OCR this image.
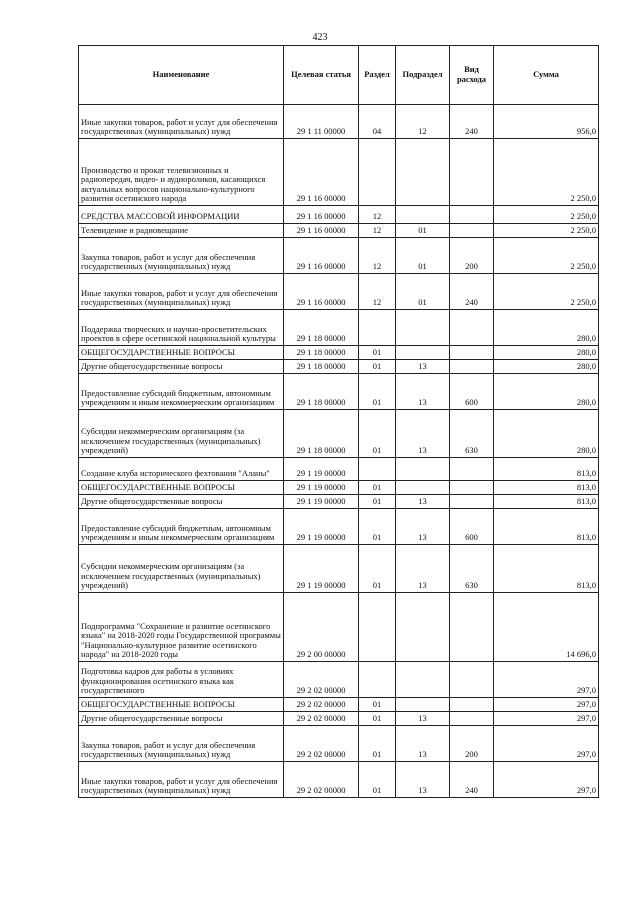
423
Наименование	Целевая статья	Раздел	Подраздел	Вид расхода	Сумма
Иные закупки товаров, работ и услуг для обеспечения государственных (муниципальных) нужд	29 1 11 00000	04	12	240	956,0
Производство и прокат телевизионных и радиопередач, видео- и аудиороликов, касающихся актуальных вопросов национально-культурного развития осетинского народа	29 1 16 00000				2 250,0
СРЕДСТВА МАССОВОЙ ИНФОРМАЦИИ	29 1 16 00000	12			2 250,0
Телевидение и радиовещание	29 1 16 00000	12	01		2 250,0
Закупка товаров, работ и услуг для обеспечения государственных (муниципальных) нужд	29 1 16 00000	12	01	200	2 250,0
Иные закупки товаров, работ и услуг для обеспечения государственных (муниципальных) нужд	29 1 16 00000	12	01	240	2 250,0
Поддержка творческих и научно-просветительских проектов в сфере осетинской национальной культуры	29 1 18 00000				280,0
ОБЩЕГОСУДАРСТВЕННЫЕ ВОПРОСЫ	29 1 18 00000	01			280,0
Другие общегосударственные вопросы	29 1 18 00000	01	13		280,0
Предоставление субсидий бюджетным, автономным учреждениям и иным некоммерческим организациям	29 1 18 00000	01	13	600	280,0
Субсидии некоммерческим организациям (за исключением государственных (муниципальных) учреждений)	29 1 18 00000	01	13	630	280,0
Создание клуба исторического фехтования "Аланы"	29 1 19 00000				813,0
ОБЩЕГОСУДАРСТВЕННЫЕ ВОПРОСЫ	29 1 19 00000	01			813,0
Другие общегосударственные вопросы	29 1 19 00000	01	13		813,0
Предоставление субсидий бюджетным, автономным учреждениям и иным некоммерческим организациям	29 1 19 00000	01	13	600	813,0
Субсидии некоммерческим организациям (за исключением государственных (муниципальных) учреждений)	29 1 19 00000	01	13	630	813,0
Подпрограмма "Сохранение и развитие осетинского языка" на 2018-2020 годы Государственной программы "Национально-культурное развитие осетинского народа" на 2018-2020 годы	29 2 00 00000				14 696,0
Подготовка кадров для работы в условиях функционирования осетинского языка как государственного	29 2 02 00000				297,0
ОБЩЕГОСУДАРСТВЕННЫЕ ВОПРОСЫ	29 2 02 00000	01			297,0
Другие общегосударственные вопросы	29 2 02 00000	01	13		297,0
Закупка товаров, работ и услуг для обеспечения государственных (муниципальных) нужд	29 2 02 00000	01	13	200	297,0
Иные закупки товаров, работ и услуг для обеспечения государственных (муниципальных) нужд	29 2 02 00000	01	13	240	297,0
